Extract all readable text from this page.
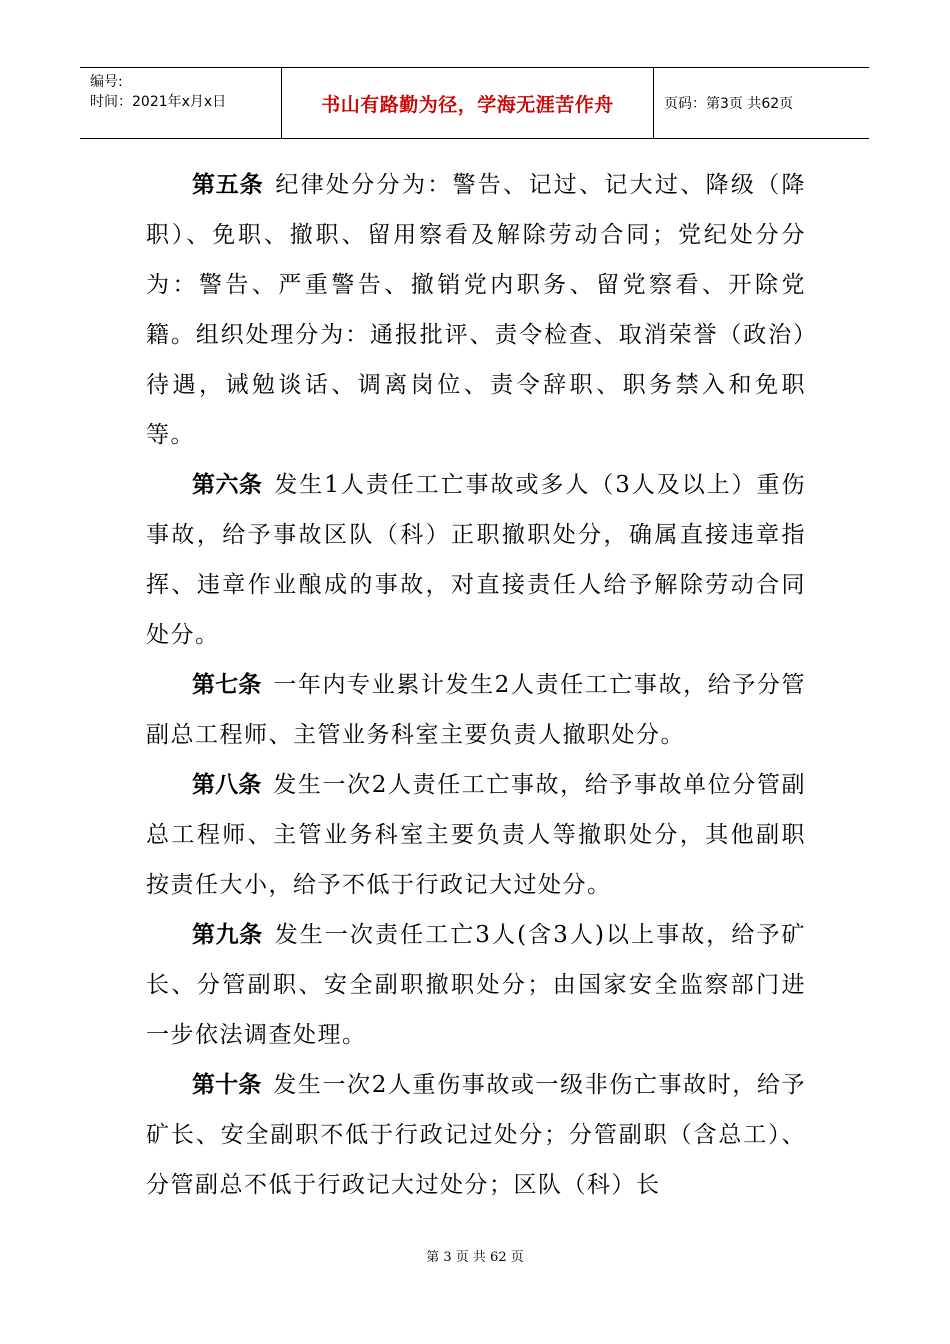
编号:
时间：2021年x月x日	书山有路勤为径，学海无涯苦作舟	页码：第3页 共62页

第五条 纪律处分分为：警告、记过、记大过、降级（降职）、免职、撤职、留用察看及解除劳动合同；党纪处分分为：警告、严重警告、撤销党内职务、留党察看、开除党籍。组织处理分为：通报批评、责令检查、取消荣誉（政治）待遇，诫勉谈话、调离岗位、责令辞职、职务禁入和免职等。

第六条 发生1人责任工亡事故或多人（3人及以上）重伤事故，给予事故区队（科）正职撤职处分，确属直接违章指挥、违章作业酿成的事故，对直接责任人给予解除劳动合同处分。

第七条 一年内专业累计发生2人责任工亡事故，给予分管副总工程师、主管业务科室主要负责人撤职处分。

第八条 发生一次2人责任工亡事故，给予事故单位分管副总工程师、主管业务科室主要负责人等撤职处分，其他副职按责任大小，给予不低于行政记大过处分。

第九条 发生一次责任工亡3人(含3人)以上事故，给予矿长、分管副职、安全副职撤职处分；由国家安全监察部门进一步依法调查处理。

第十条 发生一次2人重伤事故或一级非伤亡事故时，给予矿长、安全副职不低于行政记过处分；分管副职（含总工）、分管副总不低于行政记大过处分；区队（科）长

第 3 页 共 62 页
